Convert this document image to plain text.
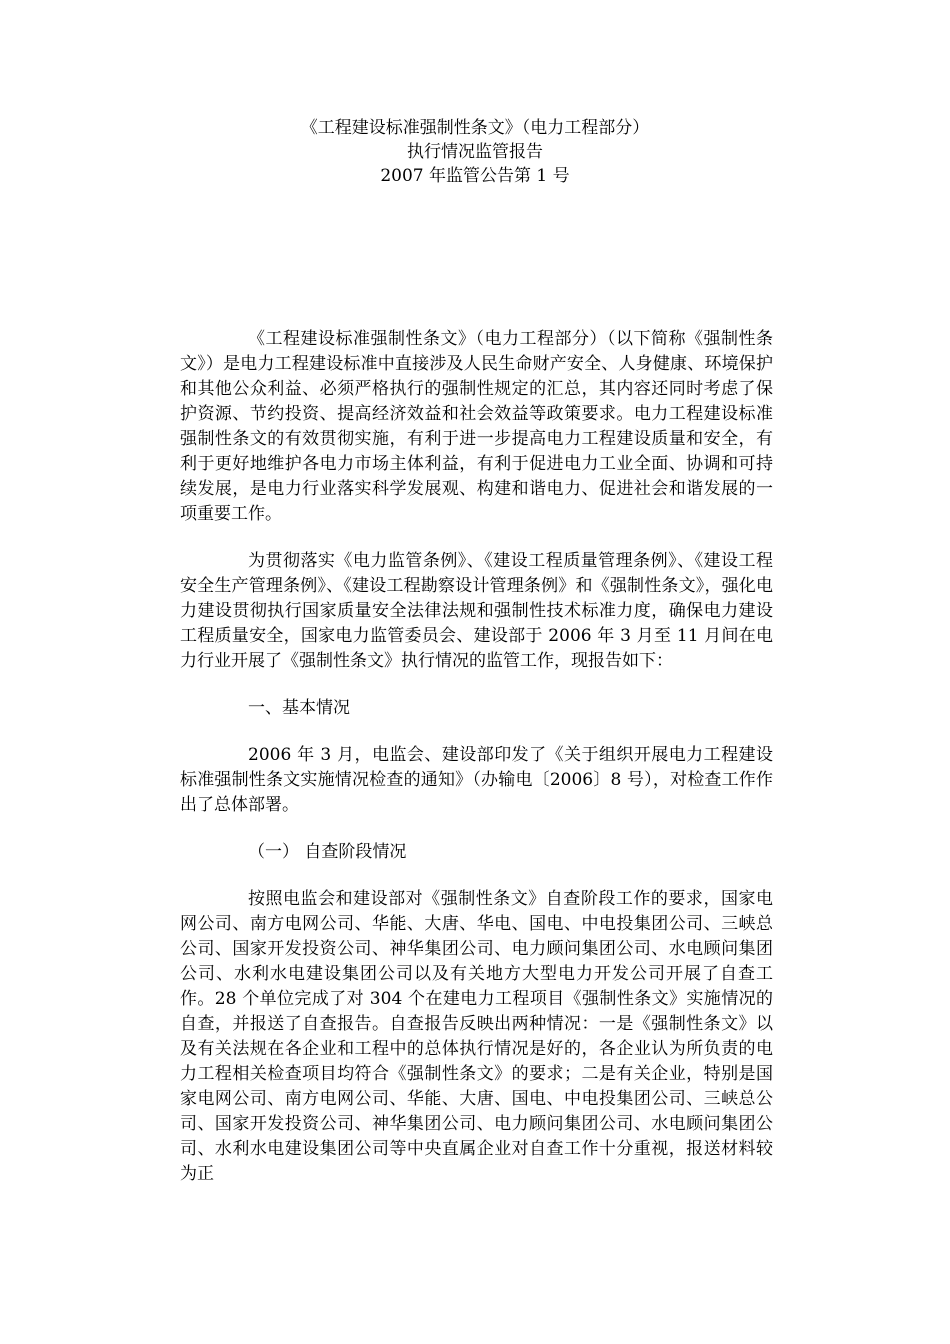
《工程建设标准强制性条文》（电力工程部分）
执行情况监管报告
2007 年监管公告第 1 号

《工程建设标准强制性条文》（电力工程部分）（以下简称《强制性条文》）是电力工程建设标准中直接涉及人民生命财产安全、人身健康、环境保护和其他公众利益、必须严格执行的强制性规定的汇总，其内容还同时考虑了保护资源、节约投资、提高经济效益和社会效益等政策要求。电力工程建设标准强制性条文的有效贯彻实施，有利于进一步提高电力工程建设质量和安全，有利于更好地维护各电力市场主体利益，有利于促进电力工业全面、协调和可持续发展，是电力行业落实科学发展观、构建和谐电力、促进社会和谐发展的一项重要工作。

为贯彻落实《电力监管条例》、《建设工程质量管理条例》、《建设工程安全生产管理条例》、《建设工程勘察设计管理条例》和《强制性条文》，强化电力建设贯彻执行国家质量安全法律法规和强制性技术标准力度，确保电力建设工程质量安全，国家电力监管委员会、建设部于 2006 年 3 月至 11 月间在电力行业开展了《强制性条文》执行情况的监管工作，现报告如下：

一、基本情况

2006 年 3 月，电监会、建设部印发了《关于组织开展电力工程建设标准强制性条文实施情况检查的通知》（办输电〔2006〕8 号），对检查工作作出了总体部署。

（一） 自查阶段情况

按照电监会和建设部对《强制性条文》自查阶段工作的要求，国家电网公司、南方电网公司、华能、大唐、华电、国电、中电投集团公司、三峡总公司、国家开发投资公司、神华集团公司、电力顾问集团公司、水电顾问集团公司、水利水电建设集团公司以及有关地方大型电力开发公司开展了自查工作。28 个单位完成了对 304 个在建电力工程项目《强制性条文》实施情况的自查，并报送了自查报告。自查报告反映出两种情况：一是《强制性条文》以及有关法规在各企业和工程中的总体执行情况是好的，各企业认为所负责的电力工程相关检查项目均符合《强制性条文》的要求；二是有关企业，特别是国家电网公司、南方电网公司、华能、大唐、国电、中电投集团公司、三峡总公司、国家开发投资公司、神华集团公司、电力顾问集团公司、水电顾问集团公司、水利水电建设集团公司等中央直属企业对自查工作十分重视，报送材料较为正
